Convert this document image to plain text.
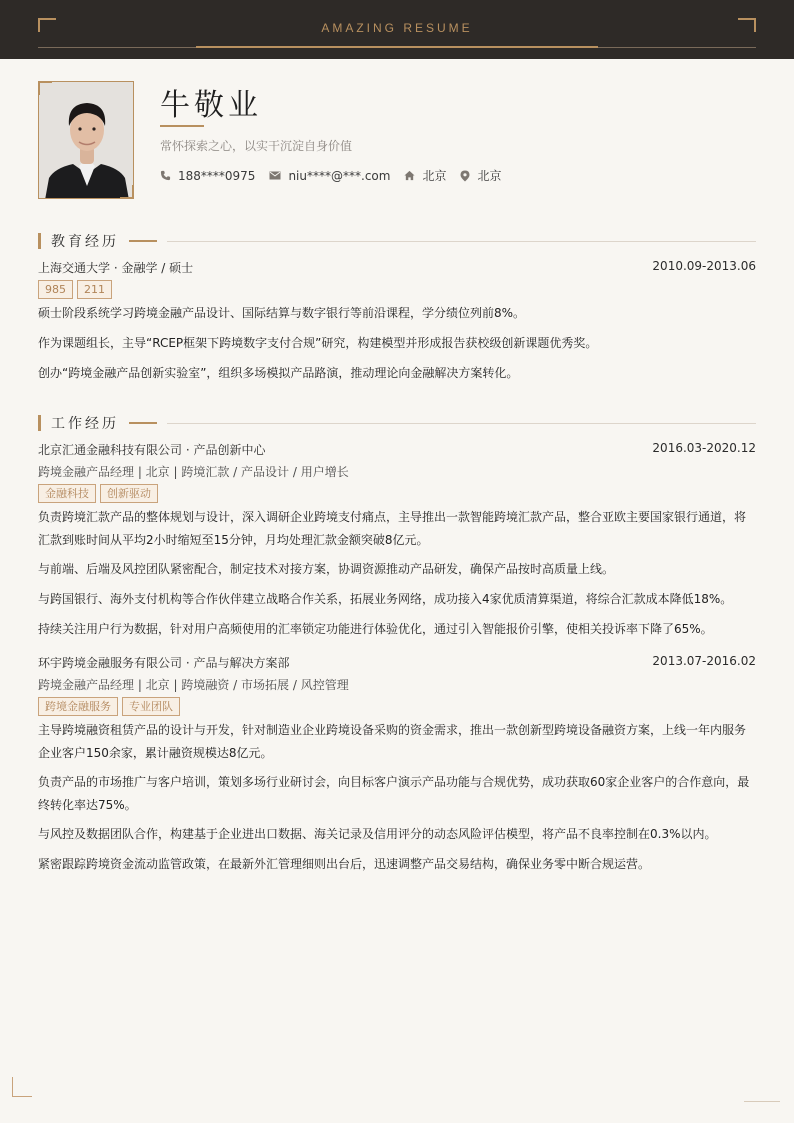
AMAZING RESUME
牛敬业
常怀探索之心，以实干沉淀自身价值
188****0975	niu****@***.com	北京	北京
教育经历
上海交通大学 · 金融学 / 硕士	2010.09-2013.06
985	211
硕士阶段系统学习跨境金融产品设计、国际结算与数字银行等前沿课程，学分绩位列前8%。
作为课题组长，主导“RCEP框架下跨境数字支付合规”研究，构建模型并形成报告获校级创新课题优秀奖。
创办“跨境金融产品创新实验室”，组织多场模拟产品路演，推动理论向金融解决方案转化。
工作经历
北京汇通金融科技有限公司 · 产品创新中心	2016.03-2020.12
跨境金融产品经理 | 北京 | 跨境汇款 / 产品设计 / 用户增长
金融科技	创新驱动
负责跨境汇款产品的整体规划与设计，深入调研企业跨境支付痛点，主导推出一款智能跨境汇款产品，整合亚欧主要国家银行通道，将汇款到账时间从平均2小时缩短至15分钟，月均处理汇款金额突破8亿元。
与前端、后端及风控团队紧密配合，制定技术对接方案，协调资源推动产品研发，确保产品按时高质量上线。
与跨国银行、海外支付机构等合作伙伴建立战略合作关系，拓展业务网络，成功接入4家优质清算渠道，将综合汇款成本降低18%。
持续关注用户行为数据，针对用户高频使用的汇率锁定功能进行体验优化，通过引入智能报价引擎，使相关投诉率下降了65%。
环宇跨境金融服务有限公司 · 产品与解决方案部	2013.07-2016.02
跨境金融产品经理 | 北京 | 跨境融资 / 市场拓展 / 风控管理
跨境金融服务	专业团队
主导跨境融资租赁产品的设计与开发，针对制造业企业跨境设备采购的资金需求，推出一款创新型跨境设备融资方案，上线一年内服务企业客户150余家，累计融资规模达8亿元。
负责产品的市场推广与客户培训，策划多场行业研讨会，向目标客户演示产品功能与合规优势，成功获取60家企业客户的合作意向，最终转化率达75%。
与风控及数据团队合作，构建基于企业进出口数据、海关记录及信用评分的动态风险评估模型，将产品不良率控制在0.3%以内。
紧密跟踪跨境资金流动监管政策，在最新外汇管理细则出台后，迅速调整产品交易结构，确保业务零中断合规运营。
